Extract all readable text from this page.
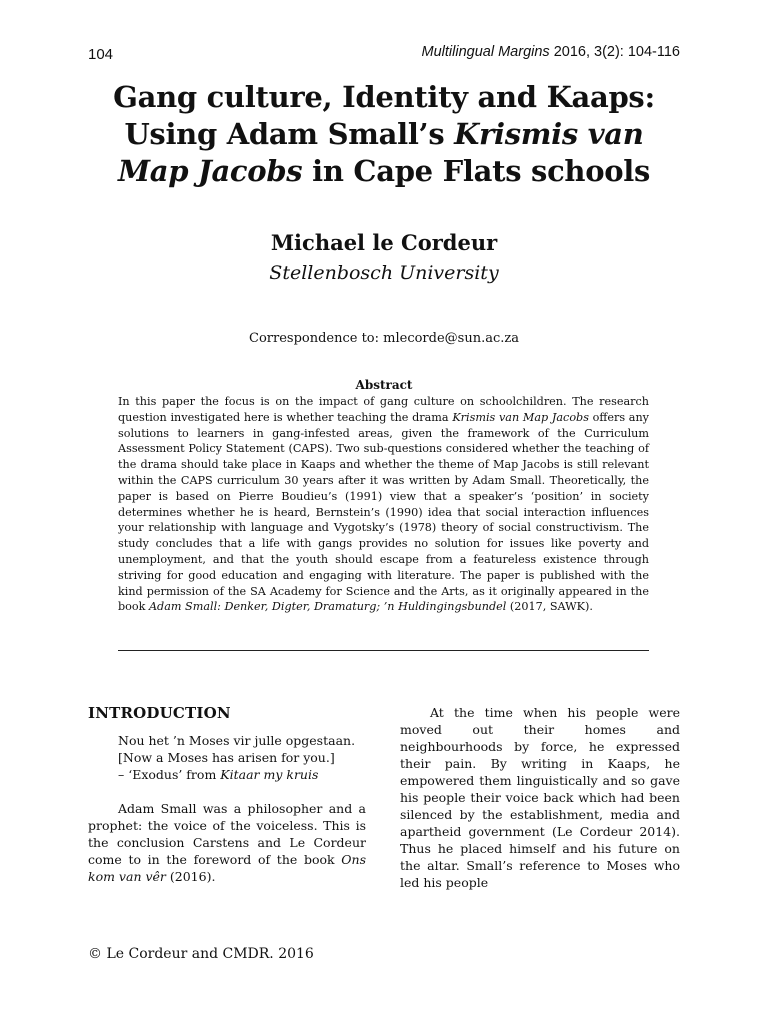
104	Multilingual Margins 2016, 3(2): 104-116
Gang culture, Identity and Kaaps:
Using Adam Small’s Krismis van
Map Jacobs in Cape Flats schools
Michael le Cordeur
Stellenbosch University
Correspondence to: mlecorde@sun.ac.za
Abstract
In this paper the focus is on the impact of gang culture on schoolchildren. The research question investigated here is whether teaching the drama Krismis van Map Jacobs offers any solutions to learners in gang-infested areas, given the framework of the Curriculum Assessment Policy Statement (CAPS). Two sub-questions considered whether the teaching of the drama should take place in Kaaps and whether the theme of Map Jacobs is still relevant within the CAPS curriculum 30 years after it was written by Adam Small. Theoretically, the paper is based on Pierre Boudieu’s (1991) view that a speaker’s ‘position’ in society determines whether he is heard, Bernstein’s (1990) idea that social interaction influences your relationship with language and Vygotsky’s (1978) theory of social constructivism. The study concludes that a life with gangs provides no solution for issues like poverty and unemployment, and that the youth should escape from a featureless existence through striving for good education and engaging with literature. The paper is published with the kind permission of the SA Academy for Science and the Arts, as it originally appeared in the book Adam Small: Denker, Digter, Dramaturg; ’n Huldingingsbundel (2017, SAWK).
INTRODUCTION
Nou het ’n Moses vir julle opgestaan.
[Now a Moses has arisen for you.]
– ‘Exodus’ from Kitaar my kruis
Adam Small was a philosopher and a prophet: the voice of the voiceless. This is the conclusion Carstens and Le Cordeur come to in the foreword of the book Ons kom van vêr (2016).
At the time when his people were moved out their homes and neighbourhoods by force, he expressed their pain. By writing in Kaaps, he empowered them linguistically and so gave his people their voice back which had been silenced by the establishment, media and apartheid government (Le Cordeur 2014). Thus he placed himself and his future on the altar. Small’s reference to Moses who led his people
© Le Cordeur and CMDR. 2016
